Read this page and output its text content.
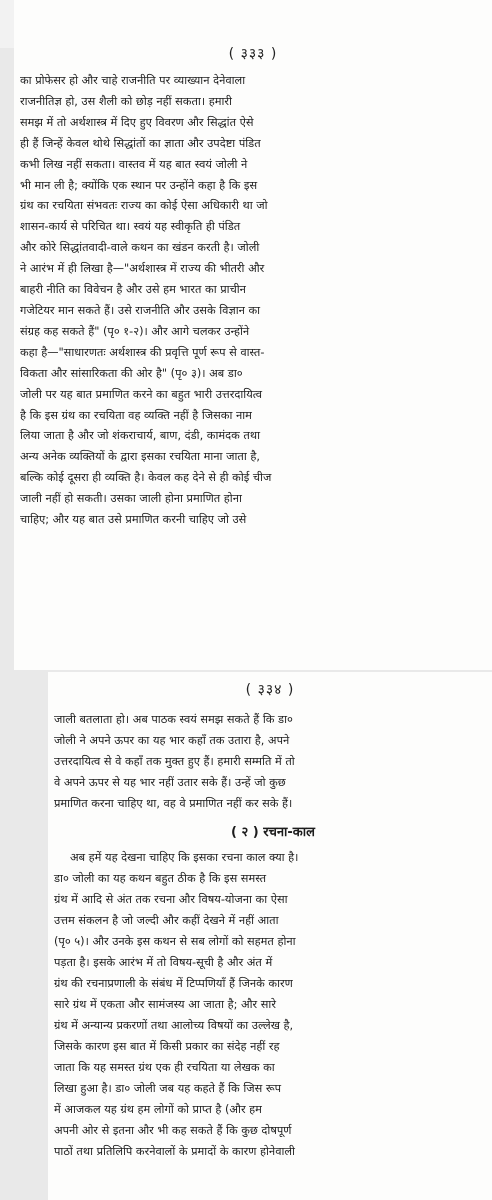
( ३३३ )
का प्रोफेसर हो और चाहे राजनीति पर व्याख्यान देनेवाला
राजनीतिज्ञ हो, उस शैली को छोड़ नहीं सकता। हमारी
समझ में तो अर्थशास्त्र में दिए हुए विवरण और सिद्धांत ऐसे
ही हैं जिन्हें केवल थोथे सिद्धांतों का ज्ञाता और उपदेष्टा पंडित
कभी लिख नहीं सकता। वास्तव में यह बात स्वयं जोली ने
भी मान ली है; क्योंकि एक स्थान पर उन्होंने कहा है कि इस
ग्रंथ का रचयिता संभवतः राज्य का कोई ऐसा अधिकारी था जो
शासन-कार्य से परिचित था। स्वयं यह स्वीकृति ही पंडित
और कोरे सिद्धांतवादी-वाले कथन का खंडन करती है। जोली
ने आरंभ में ही लिखा है—"अर्थशास्त्र में राज्य की भीतरी और
बाहरी नीति का विवेचन है और उसे हम भारत का प्राचीन
गजेटियर मान सकते हैं। उसे राजनीति और उसके विज्ञान का
संग्रह कह सकते हैं" (पृ० १-२)। और आगे चलकर उन्होंने
कहा है—"साधारणतः अर्थशास्त्र की प्रवृत्ति पूर्ण रूप से वास्त-
विकता और सांसारिकता की ओर है" (पृ० ३)। अब डा०
जोली पर यह बात प्रमाणित करने का बहुत भारी उत्तरदायित्व
है कि इस ग्रंथ का रचयिता वह व्यक्ति नहीं है जिसका नाम
लिया जाता है और जो शंकराचार्य, बाण, दंडी, कामंदक तथा
अन्य अनेक व्यक्तियों के द्वारा इसका रचयिता माना जाता है,
बल्कि कोई दूसरा ही व्यक्ति है। केवल कह देने से ही कोई चीज
जाली नहीं हो सकती। उसका जाली होना प्रमाणित होना
चाहिए; और यह बात उसे प्रमाणित करनी चाहिए जो उसे
( ३३४ )
जाली बतलाता हो। अब पाठक स्वयं समझ सकते हैं कि डा०
जोली ने अपने ऊपर का यह भार कहाँ तक उतारा है, अपने
उत्तरदायित्व से वे कहाँ तक मुक्त हुए हैं। हमारी सम्मति में तो
वे अपने ऊपर से यह भार नहीं उतार सके हैं। उन्हें जो कुछ
प्रमाणित करना चाहिए था, वह वे प्रमाणित नहीं कर सके हैं।
( २ ) रचना-काल
अब हमें यह देखना चाहिए कि इसका रचना काल क्या है।
डा० जोली का यह कथन बहुत ठीक है कि इस समस्त
ग्रंथ में आदि से अंत तक रचना और विषय-योजना का ऐसा
उत्तम संकलन है जो जल्दी और कहीं देखने में नहीं आता
(पृ० ५)। और उनके इस कथन से सब लोगों को सहमत होना
पड़ता है। इसके आरंभ में तो विषय-सूची है और अंत में
ग्रंथ की रचनाप्रणाली के संबंध में टिप्पणियाँ हैं जिनके कारण
सारे ग्रंथ में एकता और सामंजस्य आ जाता है; और सारे
ग्रंथ में अन्यान्य प्रकरणों तथा आलोच्य विषयों का उल्लेख है,
जिसके कारण इस बात में किसी प्रकार का संदेह नहीं रह
जाता कि यह समस्त ग्रंथ एक ही रचयिता या लेखक का
लिखा हुआ है। डा० जोली जब यह कहते हैं कि जिस रूप
में आजकल यह ग्रंथ हम लोगों को प्राप्त है (और हम
अपनी ओर से इतना और भी कह सकते हैं कि कुछ दोषपूर्ण
पाठों तथा प्रतिलिपि करनेवालों के प्रमादों के कारण होनेवाली
